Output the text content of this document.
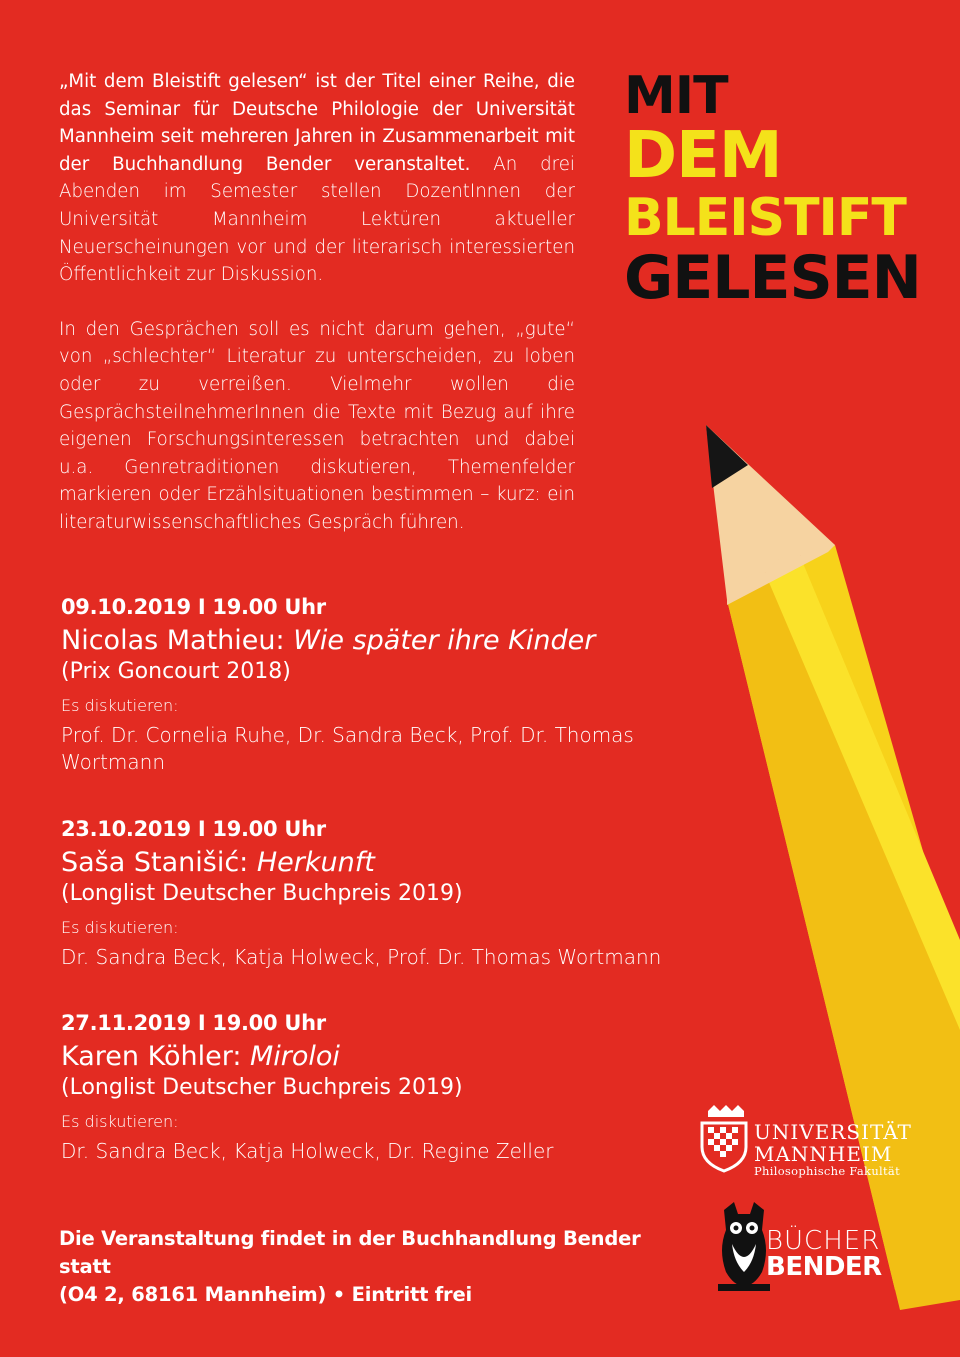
„Mit dem Bleistift gelesen“ ist der Titel einer Reihe, die das Seminar für Deutsche Philologie der Universität Mannheim seit mehreren Jahren in Zusammenarbeit mit der Buchhandlung Bender veranstaltet. An drei Abenden im Semester stellen DozentInnen der Universität Mannheim Lektüren aktueller Neuerscheinungen vor und der literarisch interessierten Öffentlichkeit zur Diskussion.

In den Gesprächen soll es nicht darum gehen, „gute“ von „schlechter“ Literatur zu unterscheiden, zu loben oder zu verreißen. Vielmehr wollen die GesprächsteilnehmerInnen die Texte mit Bezug auf ihre eigenen Forschungsinteressen betrachten und dabei u.a. Genretraditionen diskutieren, Themenfelder markieren oder Erzählsituationen bestimmen – kurz: ein literaturwissenschaftliches Gespräch führen.

MIT
DEM
BLEISTIFT
GELESEN
09.10.2019 I 19.00 Uhr
Nicolas Mathieu: Wie später ihre Kinder
(Prix Goncourt 2018)
Es diskutieren:
Prof. Dr. Cornelia Ruhe, Dr. Sandra Beck, Prof. Dr. Thomas Wortmann
23.10.2019 I 19.00 Uhr
Saša Stanišić: Herkunft
(Longlist Deutscher Buchpreis 2019)
Es diskutieren:
Dr. Sandra Beck, Katja Holweck, Prof. Dr. Thomas Wortmann
27.11.2019 I 19.00 Uhr
Karen Köhler: Miroloi
(Longlist Deutscher Buchpreis 2019)
Es diskutieren:
Dr. Sandra Beck, Katja Holweck, Dr. Regine Zeller
Die Veranstaltung findet in der Buchhandlung Bender statt
(O4 2, 68161 Mannheim) • Eintritt frei
UNIVERSITÄT
MANNHEIM
Philosophische Fakultät
BÜCHER
BENDER
